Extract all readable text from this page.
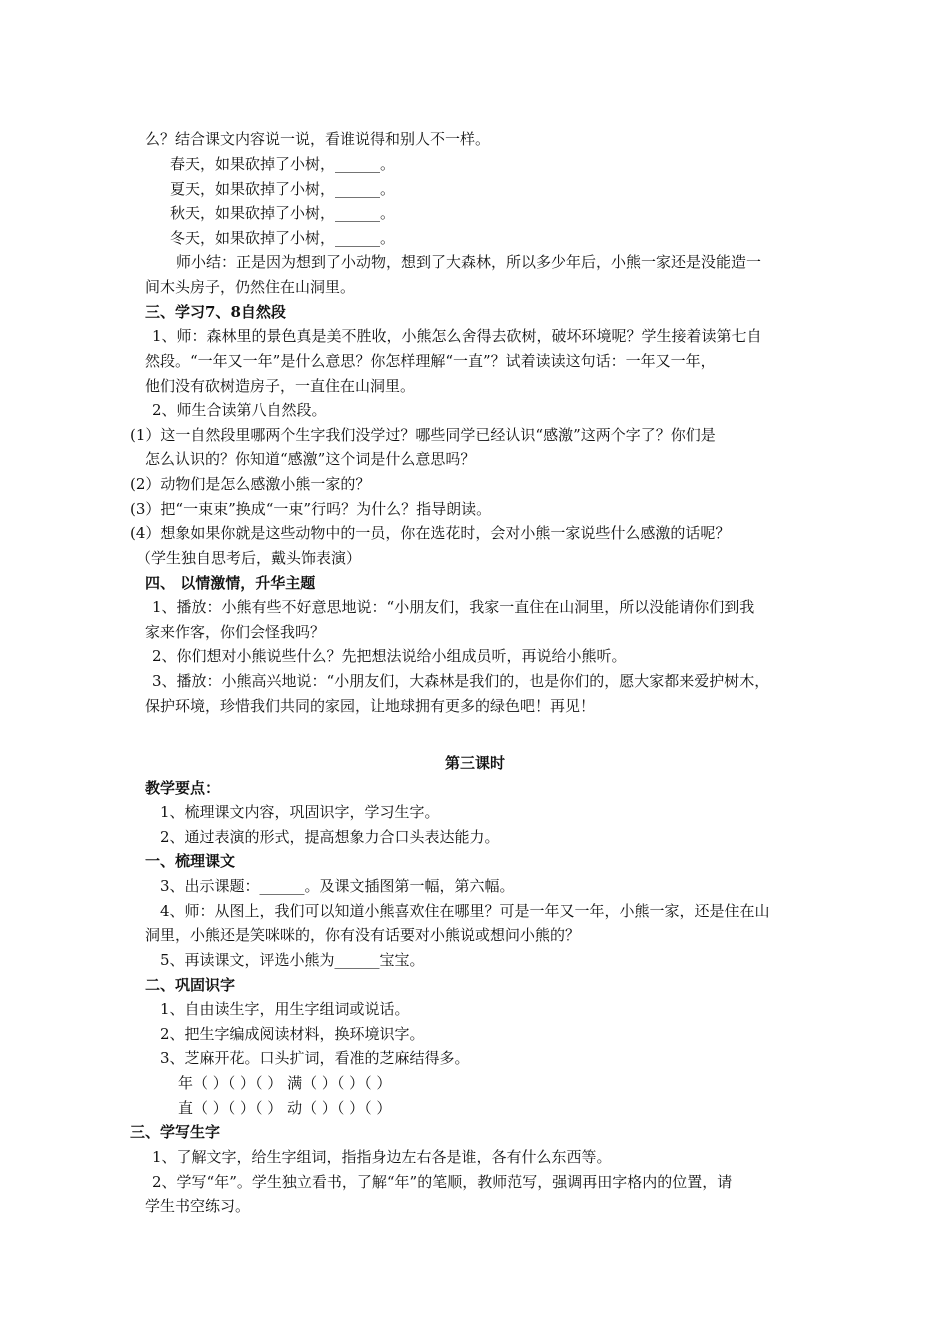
么？结合课文内容说一说，看谁说得和别人不一样。
春天，如果砍掉了小树，______。
夏天，如果砍掉了小树，______。
秋天，如果砍掉了小树，______。
冬天，如果砍掉了小树，______。
师小结：正是因为想到了小动物，想到了大森林，所以多少年后，小熊一家还是没能造一
间木头房子，仍然住在山洞里。
三、学习7、8自然段
1、师：森林里的景色真是美不胜收，小熊怎么舍得去砍树，破坏环境呢？学生接着读第七自
然段。“一年又一年”是什么意思？你怎样理解“一直”？试着读读这句话：一年又一年，
他们没有砍树造房子，一直住在山洞里。
2、师生合读第八自然段。
(1）这一自然段里哪两个生字我们没学过？哪些同学已经认识“感激”这两个字了？你们是
怎么认识的？你知道“感激”这个词是什么意思吗？
(2）动物们是怎么感激小熊一家的？
(3）把“一束束”换成“一束”行吗？为什么？指导朗读。
(4）想象如果你就是这些动物中的一员，你在选花时，会对小熊一家说些什么感激的话呢？
（学生独自思考后，戴头饰表演）
四、 以情激情，升华主题
1、播放：小熊有些不好意思地说：“小朋友们，我家一直住在山洞里，所以没能请你们到我
家来作客，你们会怪我吗？
2、你们想对小熊说些什么？先把想法说给小组成员听，再说给小熊听。
3、播放：小熊高兴地说：“小朋友们，大森林是我们的，也是你们的，愿大家都来爱护树木，
保护环境，珍惜我们共同的家园，让地球拥有更多的绿色吧！再见！
第三课时
教学要点：
1、梳理课文内容，巩固识字，学习生字。
2、通过表演的形式，提高想象力合口头表达能力。
一、梳理课文
3、出示课题：______。及课文插图第一幅，第六幅。
4、师：从图上，我们可以知道小熊喜欢住在哪里？可是一年又一年，小熊一家，还是住在山
洞里，小熊还是笑咪咪的，你有没有话要对小熊说或想问小熊的？
5、再读课文，评选小熊为______宝宝。
二、巩固识字
1、自由读生字，用生字组词或说话。
2、把生字编成阅读材料，换环境识字。
3、芝麻开花。口头扩词，看准的芝麻结得多。
年（ ）（ ）（ ） 满（ ）（ ）（ ）
直（ ）（ ）（ ） 动（ ）（ ）（ ）
三、学写生字
1、了解文字，给生字组词，指指身边左右各是谁，各有什么东西等。
2、学写“年”。学生独立看书，了解“年”的笔顺，教师范写，强调再田字格内的位置，请
学生书空练习。
